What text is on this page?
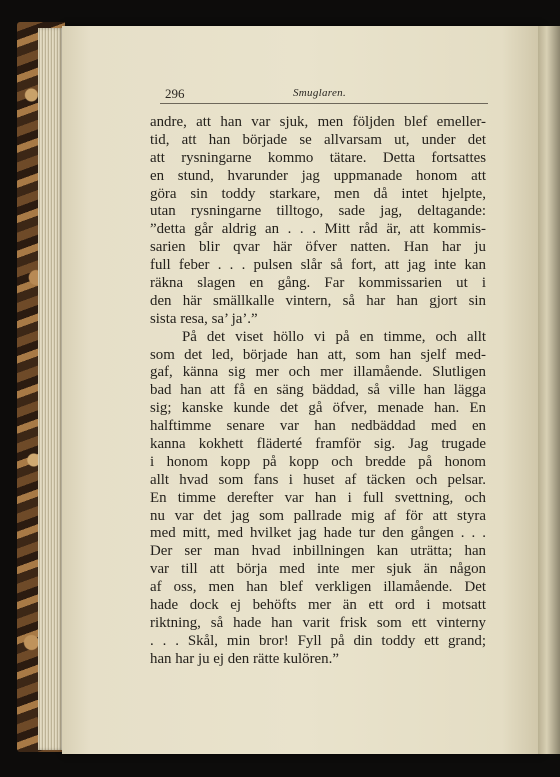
296	Smuglaren.
andre, att han var sjuk, men följden blef emeller-
tid, att han började se allvarsam ut, under det
att rysningarne kommo tätare. Detta fortsattes
en stund, hvarunder jag uppmanade honom att
göra sin toddy starkare, men då intet hjelpte,
utan rysningarne tilltogo, sade jag, deltagande:
”detta går aldrig an . . . Mitt råd är, att kommis-
sarien blir qvar här öfver natten. Han har ju
full feber . . . pulsen slår så fort, att jag inte kan
räkna slagen en gång. Far kommissarien ut i
den här smällkalle vintern, så har han gjort sin
sista resa, sa’ ja’.”
På det viset höllo vi på en timme, och allt
som det led, började han att, som han sjelf med-
gaf, känna sig mer och mer illamående. Slutligen
bad han att få en säng bäddad, så ville han lägga
sig; kanske kunde det gå öfver, menade han. En
halftimme senare var han nedbäddad med en
kanna kokhett fläderté framför sig. Jag trugade
i honom kopp på kopp och bredde på honom
allt hvad som fans i huset af täcken och pelsar.
En timme derefter var han i full svettning, och
nu var det jag som pallrade mig af för att styra
med mitt, med hvilket jag hade tur den gången . . .
Der ser man hvad inbillningen kan uträtta; han
var till att börja med inte mer sjuk än någon
af oss, men han blef verkligen illamående. Det
hade dock ej behöfts mer än ett ord i motsatt
riktning, så hade han varit frisk som ett vinterny
. . . Skål, min bror! Fyll på din toddy ett grand;
han har ju ej den rätte kulören.”
